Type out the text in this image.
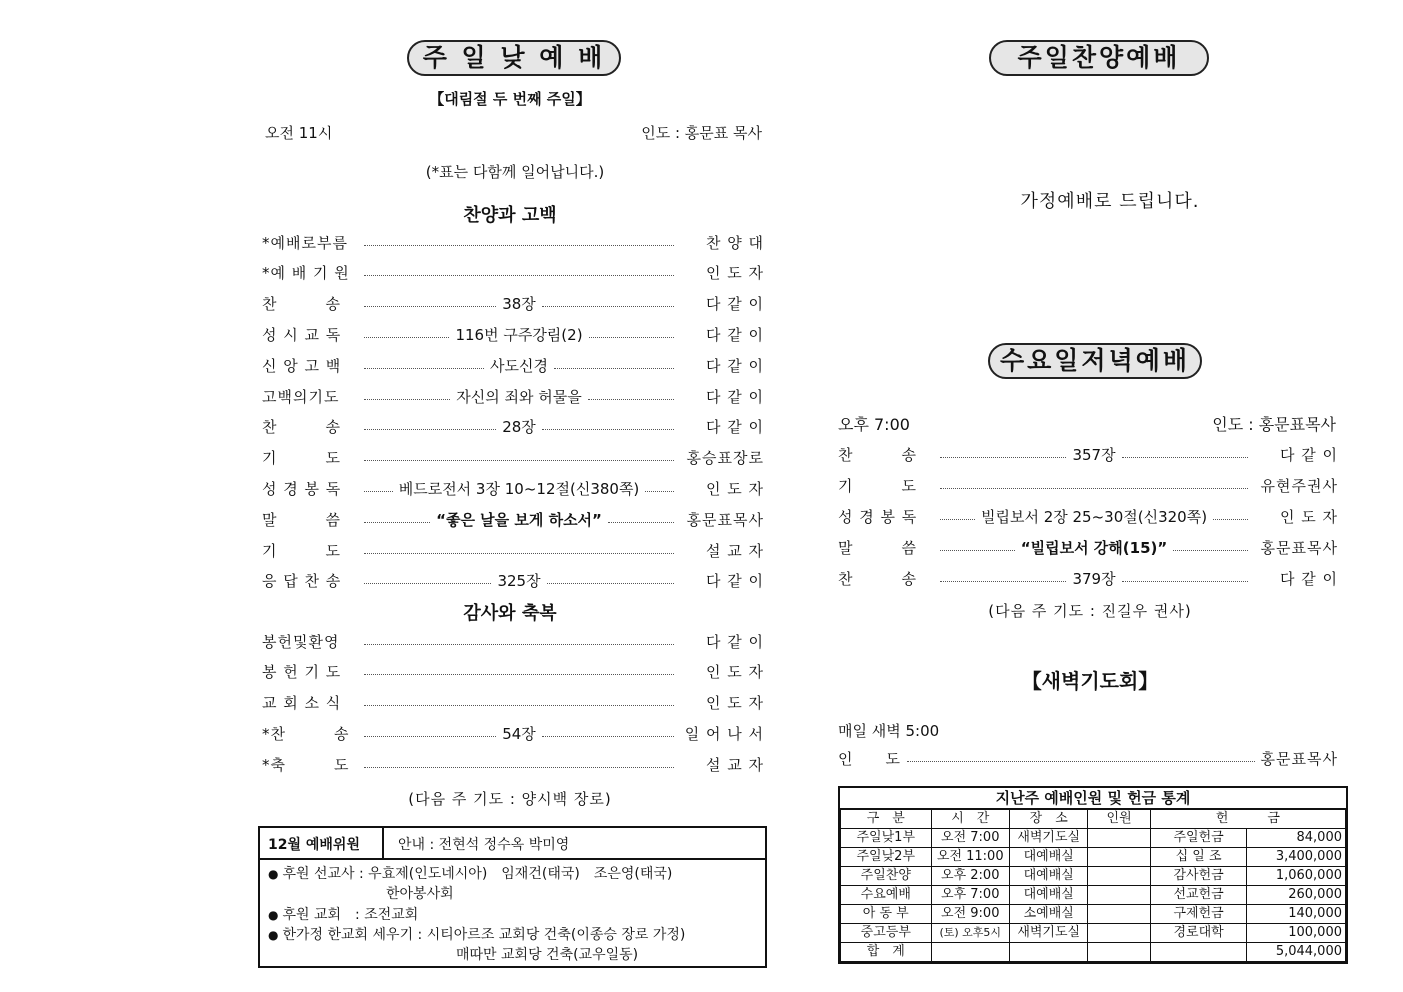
주 일 낮 예 배
【대림절 두 번째 주일】
오전 11시	인도 : 홍문표 목사
(*표는 다함께 일어납니다.)
찬양과 고백
*예배로부름	찬 양 대
*예 배 기 원	인 도 자
찬　　　송	38장	다 같 이
성 시 교 독	116번 구주강림(2)	다 같 이
신 앙 고 백	사도신경	다 같 이
고백의기도	자신의 죄와 허물을	다 같 이
찬　　　송	28장	다 같 이
기　　　도	홍승표장로
성 경 봉 독	베드로전서 3장 10~12절(신380쪽)	인 도 자
말　　　씀	“좋은 날을 보게 하소서”	홍문표목사
기　　　도	설 교 자
응 답 찬 송	325장	다 같 이
감사와 축복
봉헌및환영	다 같 이
봉 헌 기 도	인 도 자
교 회 소 식	인 도 자
*찬　　　송	54장	일 어 나 서
*축　　　도	설 교 자
(다음 주 기도 : 양시백 장로)
12월 예배위원	안내 : 전현석 정수옥 박미영
● 후원 선교사 : 우효제(인도네시아)　임재건(태국)　조은영(태국)
한아봉사회
● 후원 교회　: 조전교회
● 한가정 한교회 세우기 : 시티아르조 교회당 건축(이종승 장로 가정)
매따만 교회당 건축(교우일동)
주일찬양예배
가정예배로 드립니다.
수요일저녁예배
오후 7:00	인도 : 홍문표목사
찬　　　송	357장	다 같 이
기　　　도	유현주권사
성 경 봉 독	빌립보서 2장 25~30절(신320쪽)	인 도 자
말　　　씀	“빌립보서 강해(15)”	홍문표목사
찬　　　송	379장	다 같 이
(다음 주 기도 : 진길우 권사)
【새벽기도회】
매일 새벽 5:00
인　　도	홍문표목사
지난주 예배인원 및 헌금 통계
구　분	시　간	장　소	인원	헌　　　금	
주일낮1부	오전 7:00	새벽기도실		주일헌금	84,000
주일낮2부	오전 11:00	대예배실		십 일 조	3,400,000
주일찬양	오후 2:00	대예배실		감사헌금	1,060,000
수요예배	오후 7:00	대예배실		선교헌금	260,000
아 동 부	오전 9:00	소예배실		구제헌금	140,000
중고등부	(토) 오후5시	새벽기도실		경로대학	100,000
합　계					5,044,000
